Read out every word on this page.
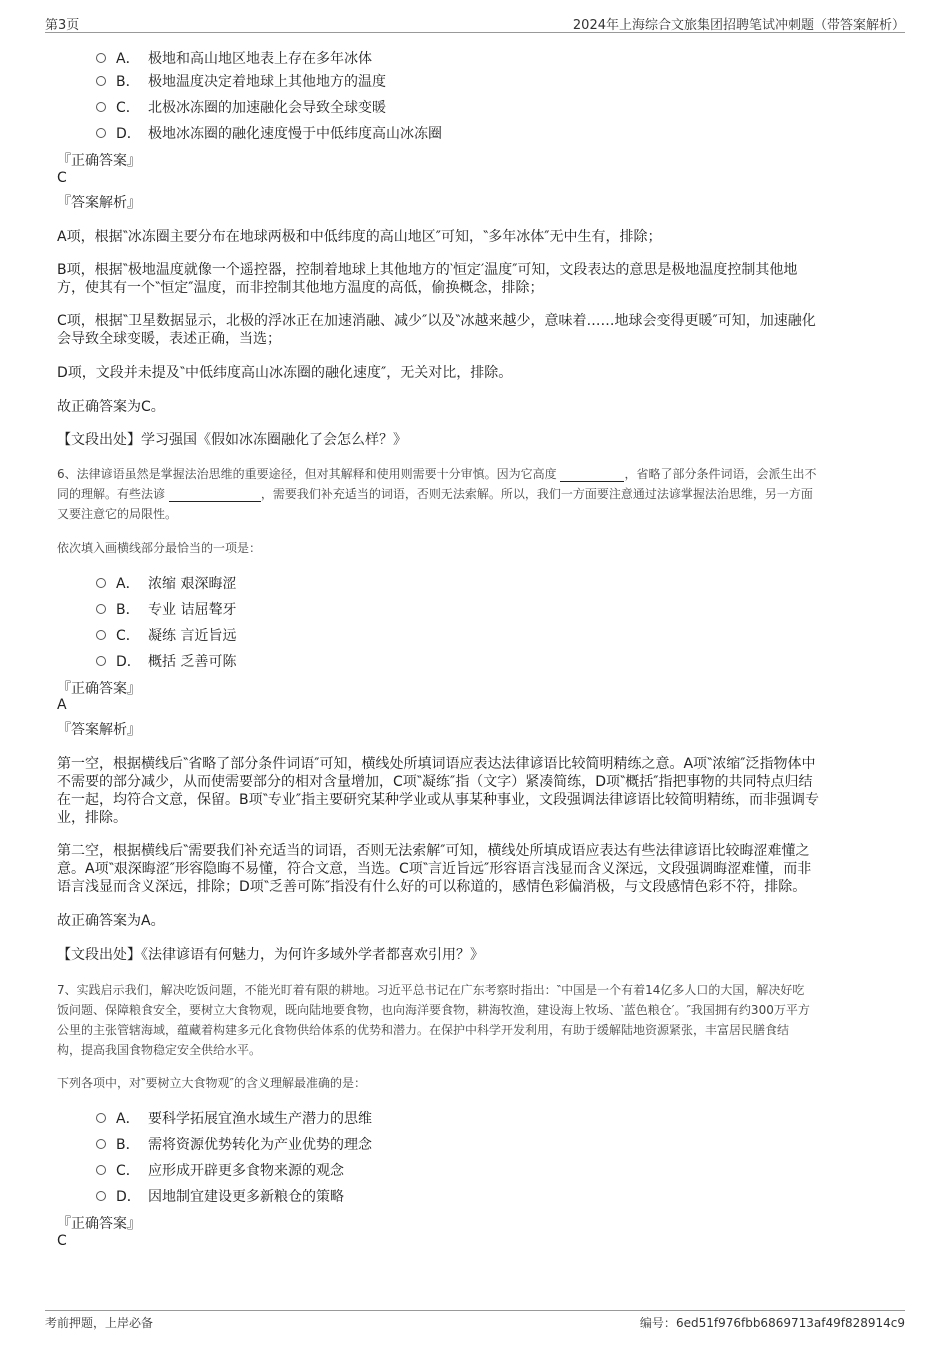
第3页	2024年上海综合文旅集团招聘笔试冲刺题（带答案解析）
A． 极地和高山地区地表上存在多年冰体
B． 极地温度决定着地球上其他地方的温度
C． 北极冰冻圈的加速融化会导致全球变暖
D． 极地冰冻圈的融化速度慢于中低纬度高山冰冻圈
『正确答案』
C
『答案解析』
A项，根据‶冰冻圈主要分布在地球两极和中低纬度的高山地区″可知，‶多年冰体″无中生有，排除；
B项，根据‶极地温度就像一个遥控器，控制着地球上其他地方的‵恒定′温度″可知，文段表达的意思是极地温度控制其他地
方，使其有一个‶恒定″温度，而非控制其他地方温度的高低，偷换概念，排除；
C项，根据‶卫星数据显示，北极的浮冰正在加速消融、减少″以及‶冰越来越少，意味着……地球会变得更暖″可知，加速融化
会导致全球变暖，表述正确，当选；
D项，文段并未提及‶中低纬度高山冰冻圈的融化速度″，无关对比，排除。
故正确答案为C。
【文段出处】学习强国《假如冰冻圈融化了会怎么样？》
6、法律谚语虽然是掌握法治思维的重要途径，但对其解释和使用则需要十分审慎。因为它高度	，省略了部分条件词语，会派生出不
同的理解。有些法谚	，需要我们补充适当的词语，否则无法索解。所以，我们一方面要注意通过法谚掌握法治思维，另一方面
又要注意它的局限性。
依次填入画横线部分最恰当的一项是：
A． 浓缩 艰深晦涩
B． 专业 诘屈聱牙
C． 凝练 言近旨远
D． 概括 乏善可陈
『正确答案』
A
『答案解析』
第一空，根据横线后‶省略了部分条件词语″可知，横线处所填词语应表达法律谚语比较简明精练之意。A项‶浓缩″泛指物体中
不需要的部分减少，从而使需要部分的相对含量增加，C项‶凝练″指（文字）紧凑简练，D项‶概括″指把事物的共同特点归结
在一起，均符合文意，保留。B项‶专业″指主要研究某种学业或从事某种事业，文段强调法律谚语比较简明精练，而非强调专
业，排除。
第二空，根据横线后‶需要我们补充适当的词语，否则无法索解″可知，横线处所填成语应表达有些法律谚语比较晦涩难懂之
意。A项‶艰深晦涩″形容隐晦不易懂，符合文意，当选。C项‶言近旨远″形容语言浅显而含义深远，文段强调晦涩难懂，而非
语言浅显而含义深远，排除；D项‶乏善可陈″指没有什么好的可以称道的，感情色彩偏消极，与文段感情色彩不符，排除。
故正确答案为A。
【文段出处】《法律谚语有何魅力，为何许多域外学者都喜欢引用？》
7、实践启示我们，解决吃饭问题，不能光盯着有限的耕地。习近平总书记在广东考察时指出：‶中国是一个有着14亿多人口的大国，解决好吃
饭问题、保障粮食安全，要树立大食物观，既向陆地要食物，也向海洋要食物，耕海牧渔，建设海上牧场、‵蓝色粮仓′。″我国拥有约300万平方
公里的主张管辖海域，蕴藏着构建多元化食物供给体系的优势和潜力。在保护中科学开发利用，有助于缓解陆地资源紧张，丰富居民膳食结
构，提高我国食物稳定安全供给水平。
下列各项中，对‶要树立大食物观″的含义理解最准确的是：
A． 要科学拓展宜渔水域生产潜力的思维
B． 需将资源优势转化为产业优势的理念
C． 应形成开辟更多食物来源的观念
D． 因地制宜建设更多新粮仓的策略
『正确答案』
C
考前押题，上岸必备	编号：6ed51f976fbb6869713af49f828914c9
